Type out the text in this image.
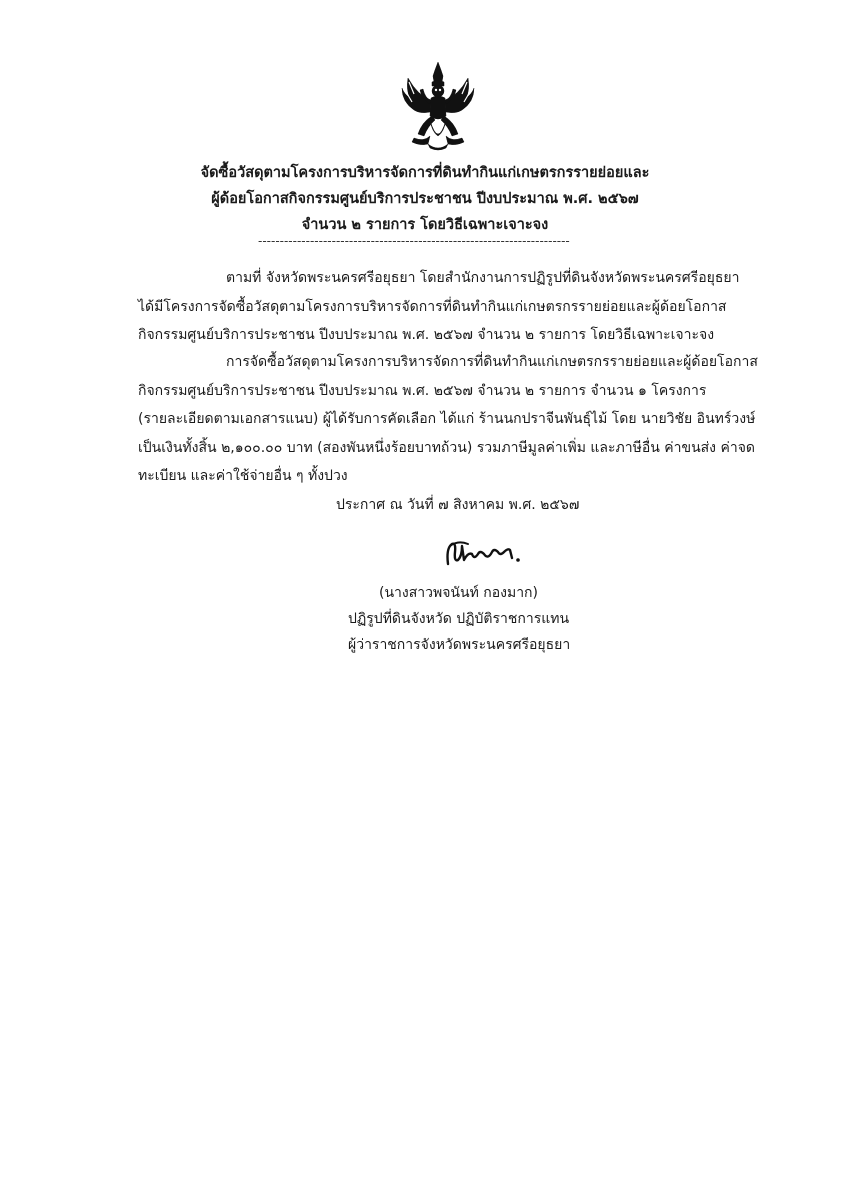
จัดซื้อวัสดุตามโครงการบริหารจัดการที่ดินทำกินแก่เกษตรกรรายย่อยและ
ผู้ด้อยโอกาสกิจกรรมศูนย์บริการประชาชน ปีงบประมาณ พ.ศ. ๒๕๖๗
จำนวน ๒ รายการ โดยวิธีเฉพาะเจาะจง
------------------------------------------------------------------------
ตามที่ จังหวัดพระนครศรีอยุธยา โดยสำนักงานการปฏิรูปที่ดินจังหวัดพระนครศรีอยุธยา
ได้มีโครงการจัดซื้อวัสดุตามโครงการบริหารจัดการที่ดินทำกินแก่เกษตรกรรายย่อยและผู้ด้อยโอกาส
กิจกรรมศูนย์บริการประชาชน ปีงบประมาณ พ.ศ. ๒๕๖๗ จำนวน ๒ รายการ โดยวิธีเฉพาะเจาะจง
การจัดซื้อวัสดุตามโครงการบริหารจัดการที่ดินทำกินแก่เกษตรกรรายย่อยและผู้ด้อยโอกาส
กิจกรรมศูนย์บริการประชาชน ปีงบประมาณ พ.ศ. ๒๕๖๗ จำนวน ๒ รายการ จำนวน ๑ โครงการ
(รายละเอียดตามเอกสารแนบ) ผู้ได้รับการคัดเลือก ได้แก่ ร้านนกปราจีนพันธุ์ไม้ โดย นายวิชัย อินทร์วงษ์
เป็นเงินทั้งสิ้น ๒,๑๐๐.๐๐ บาท (สองพันหนึ่งร้อยบาทถ้วน) รวมภาษีมูลค่าเพิ่ม และภาษีอื่น ค่าขนส่ง ค่าจด
ทะเบียน และค่าใช้จ่ายอื่น ๆ ทั้งปวง
ประกาศ ณ วันที่ ๗ สิงหาคม พ.ศ. ๒๕๖๗
(นางสาวพจนันท์ กองมาก)
ปฏิรูปที่ดินจังหวัด ปฏิบัติราชการแทน
ผู้ว่าราชการจังหวัดพระนครศรีอยุธยา
